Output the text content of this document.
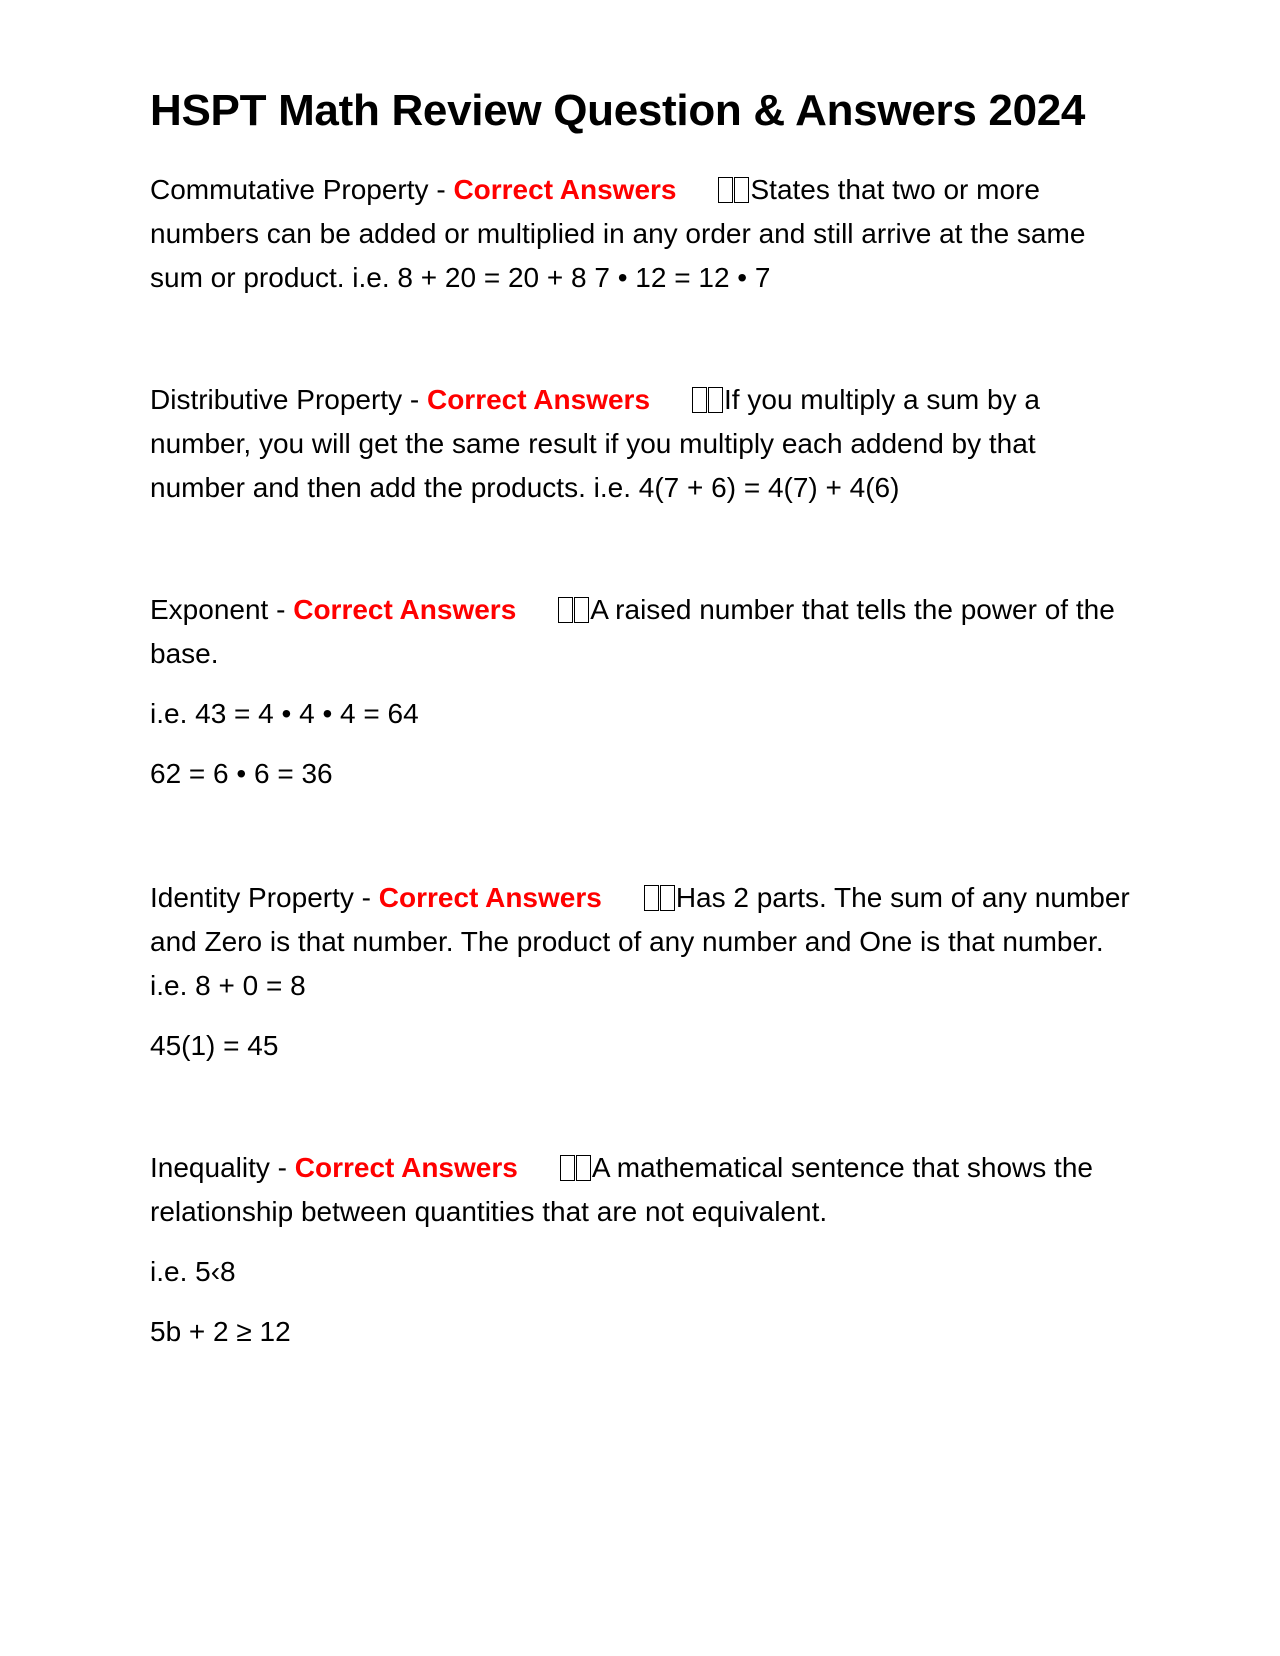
HSPT Math Review Question & Answers 2024

Commutative Property - Correct Answers	States that two or more numbers can be added or multiplied in any order and still arrive at the same sum or product. i.e. 8 + 20 = 20 + 8 7 • 12 = 12 • 7

Distributive Property - Correct Answers	If you multiply a sum by a number, you will get the same result if you multiply each addend by that number and then add the products. i.e. 4(7 + 6) = 4(7) + 4(6)

Exponent - Correct Answers	A raised number that tells the power of the base.

i.e. 43 = 4 • 4 • 4 = 64

62 = 6 • 6 = 36

Identity Property - Correct Answers	Has 2 parts. The sum of any number and Zero is that number. The product of any number and One is that number. i.e. 8 + 0 = 8

45(1) = 45

Inequality - Correct Answers	A mathematical sentence that shows the relationship between quantities that are not equivalent.

i.e. 5‹8

5b + 2 ≥ 12
